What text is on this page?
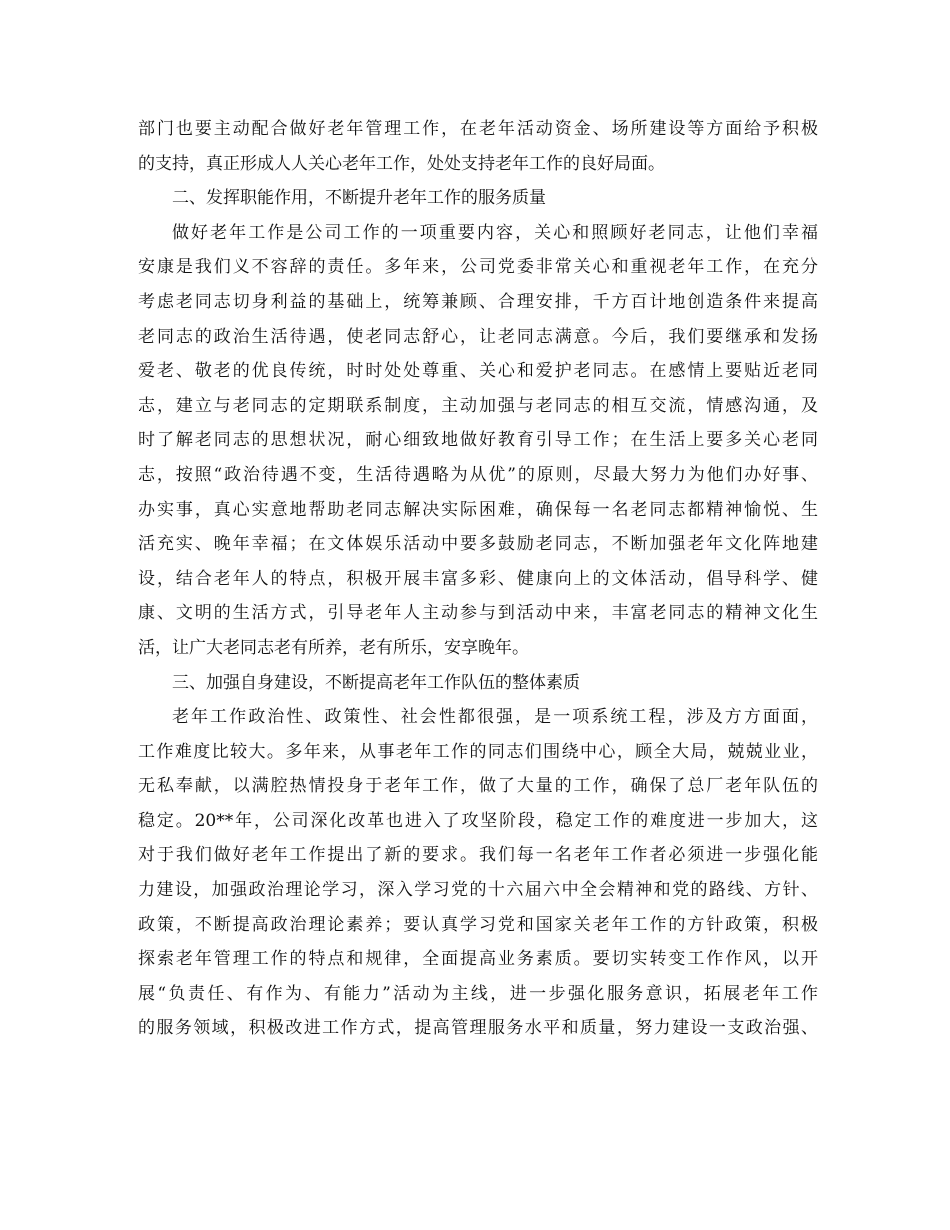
部门也要主动配合做好老年管理工作，在老年活动资金、场所建设等方面给予积极
的支持，真正形成人人关心老年工作，处处支持老年工作的良好局面。
二、发挥职能作用，不断提升老年工作的服务质量
做好老年工作是公司工作的一项重要内容，关心和照顾好老同志，让他们幸福
安康是我们义不容辞的责任。多年来，公司党委非常关心和重视老年工作，在充分
考虑老同志切身利益的基础上，统筹兼顾、合理安排，千方百计地创造条件来提高
老同志的政治生活待遇，使老同志舒心，让老同志满意。今后，我们要继承和发扬
爱老、敬老的优良传统，时时处处尊重、关心和爱护老同志。在感情上要贴近老同
志，建立与老同志的定期联系制度，主动加强与老同志的相互交流，情感沟通，及
时了解老同志的思想状况，耐心细致地做好教育引导工作；在生活上要多关心老同
志，按照“政治待遇不变，生活待遇略为从优”的原则，尽最大努力为他们办好事、
办实事，真心实意地帮助老同志解决实际困难，确保每一名老同志都精神愉悦、生
活充实、晚年幸福；在文体娱乐活动中要多鼓励老同志，不断加强老年文化阵地建
设，结合老年人的特点，积极开展丰富多彩、健康向上的文体活动，倡导科学、健
康、文明的生活方式，引导老年人主动参与到活动中来，丰富老同志的精神文化生
活，让广大老同志老有所养，老有所乐，安享晚年。
三、加强自身建设，不断提高老年工作队伍的整体素质
老年工作政治性、政策性、社会性都很强，是一项系统工程，涉及方方面面，
工作难度比较大。多年来，从事老年工作的同志们围绕中心，顾全大局，兢兢业业，
无私奉献，以满腔热情投身于老年工作，做了大量的工作，确保了总厂老年队伍的
稳定。20**年，公司深化改革也进入了攻坚阶段，稳定工作的难度进一步加大，这
对于我们做好老年工作提出了新的要求。我们每一名老年工作者必须进一步强化能
力建设，加强政治理论学习，深入学习党的十六届六中全会精神和党的路线、方针、
政策，不断提高政治理论素养；要认真学习党和国家关老年工作的方针政策，积极
探索老年管理工作的特点和规律，全面提高业务素质。要切实转变工作作风，以开
展“负责任、有作为、有能力”活动为主线，进一步强化服务意识，拓展老年工作
的服务领域，积极改进工作方式，提高管理服务水平和质量，努力建设一支政治强、
